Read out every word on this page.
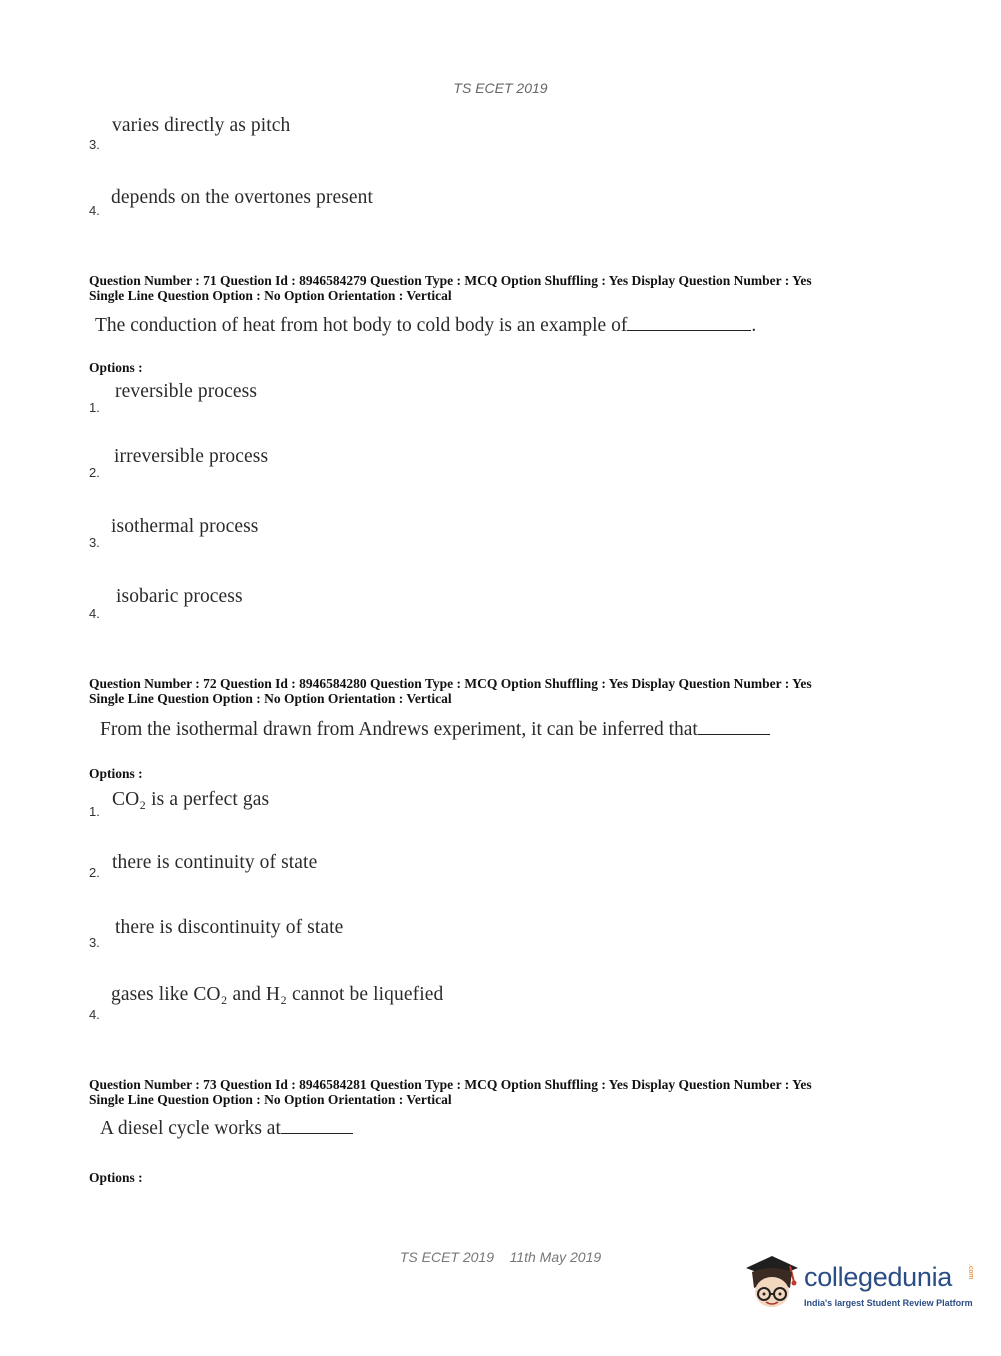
TS ECET 2019
varies directly as pitch
3.
depends on the overtones present
4.
Question Number : 71 Question Id : 8946584279 Question Type : MCQ Option Shuffling : Yes Display Question Number : Yes
Single Line Question Option : No Option Orientation : Vertical
The conduction of heat from hot body to cold body is an example of	.
Options :
reversible process
1.
irreversible process
2.
isothermal process
3.
isobaric process
4.
Question Number : 72 Question Id : 8946584280 Question Type : MCQ Option Shuffling : Yes Display Question Number : Yes
Single Line Question Option : No Option Orientation : Vertical
From the isothermal drawn from Andrews experiment, it can be inferred that
Options :
CO₂ is a perfect gas
1.
there is continuity of state
2.
there is discontinuity of state
3.
gases like CO₂ and H₂ cannot be liquefied
4.
Question Number : 73 Question Id : 8946584281 Question Type : MCQ Option Shuffling : Yes Display Question Number : Yes
Single Line Question Option : No Option Orientation : Vertical
A diesel cycle works at
Options :
TS ECET 2019 11th May 2019
collegedunia .com
India's largest Student Review Platform
